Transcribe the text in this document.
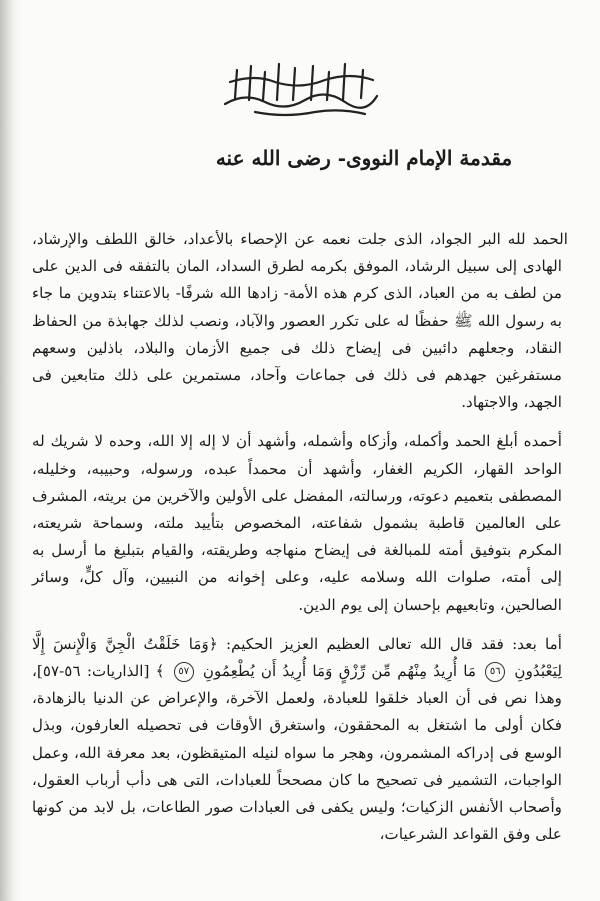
مقدمة الإمام النووى- رضى الله عنه

الحمد لله البر الجواد، الذى جلت نعمه عن الإحصاء بالأعداد، خالق اللطف والإرشاد، الهادى إلى سبيل الرشاد، الموفق بكرمه لطرق السداد، المان بالتفقه فى الدين على من لطف به من العباد، الذى كرم هذه الأمة- زادها الله شرفًا- بالاعتناء بتدوين ما جاء به رسول الله ﷺ حفظًا له على تكرر العصور والآباد، ونصب لذلك جهابذة من الحفاظ النقاد، وجعلهم دائبين فى إيضاح ذلك فى جميع الأزمان والبلاد، باذلين وسعهم مستفرغين جهدهم فى ذلك فى جماعات وآحاد، مستمرين على ذلك متابعين فى الجهد، والاجتهاد.

أحمده أبلغ الحمد وأكمله، وأزكاه وأشمله، وأشهد أن لا إله إلا الله، وحده لا شريك له الواحد القهار، الكريم الغفار، وأشهد أن محمداً عبده، ورسوله، وحبيبه، وخليله، المصطفى بتعميم دعوته، ورسالته، المفضل على الأولين والآخرين من بريته، المشرف على العالمين قاطبة بشمول شفاعته، المخصوص بتأييد ملته، وسماحة شريعته، المكرم بتوفيق أمته للمبالغة فى إيضاح منهاجه وطريقته، والقيام بتبليغ ما أرسل به إلى أمته، صلوات الله وسلامه عليه، وعلى إخوانه من النبيين، وآل كلٍّ، وسائر الصالحين، وتابعيهم بإحسان إلى يوم الدين.

أما بعد: فقد قال الله تعالى العظيم العزيز الحكيم: ﴿وَمَا خَلَقْتُ الْجِنَّ وَالْإِنسَ إِلَّا لِيَعْبُدُونِ ٥٦ مَا أُرِيدُ مِنْهُم مِّن رِّزْقٍ وَمَا أُرِيدُ أَن يُطْعِمُونِ ٥٧ ﴾ [الذاريات: ٥٦-٥٧]، وهذا نص فى أن العباد خلقوا للعبادة، ولعمل الآخرة، والإعراض عن الدنيا بالزهادة، فكان أولى ما اشتغل به المحققون، واستغرق الأوقات فى تحصيله العارفون، وبذل الوسع فى إدراكه المشمرون، وهجر ما سواه لنيله المتيقظون، بعد معرفة الله، وعمل الواجبات، التشمير فى تصحيح ما كان مصححاً للعبادات، التى هى دأب أرباب العقول، وأصحاب الأنفس الزكيات؛ وليس يكفى فى العبادات صور الطاعات، بل لابد من كونها على وفق القواعد الشرعيات،
